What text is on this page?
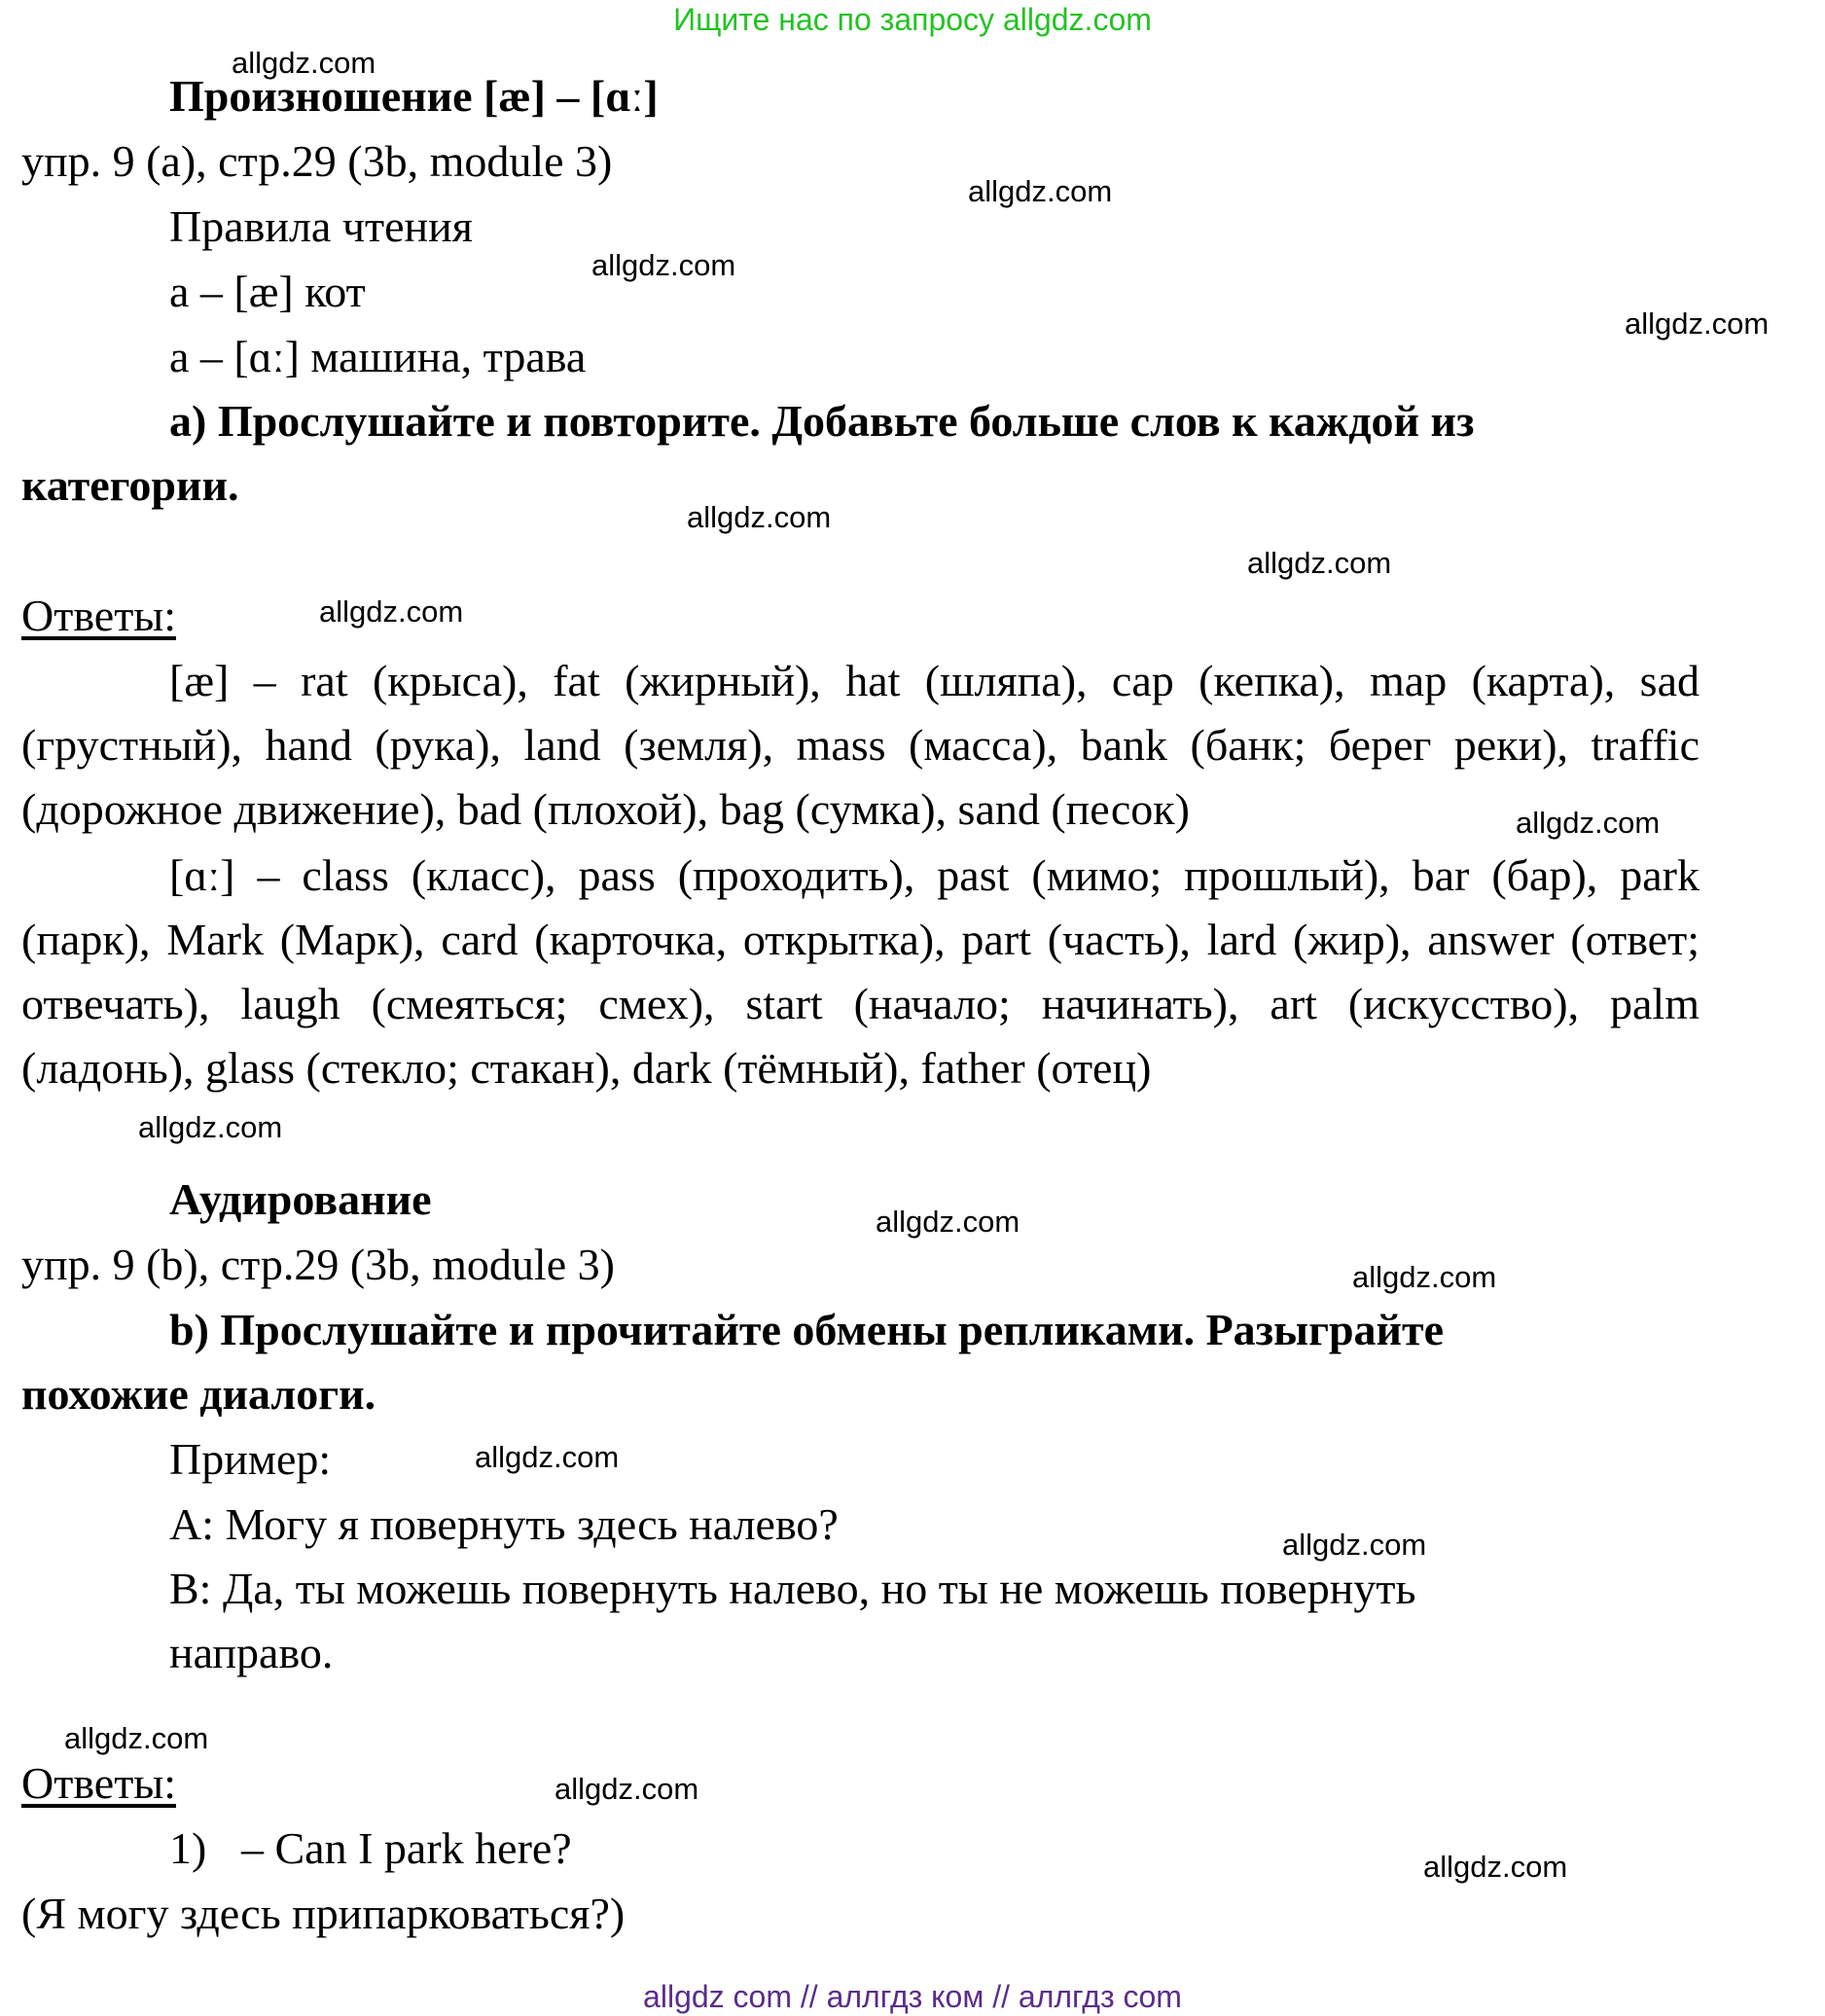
Ищите нас по запросу allgdz.com
Произношение [æ] – [ɑː]
упр. 9 (a), стр.29 (3b, module 3)
Правила чтения
a – [æ] кот
a – [ɑː] машина, трава

а) Прослушайте и повторите. Добавьте больше слов к каждой из категории.

Ответы:

[æ] – rat (крыса), fat (жирный), hat (шляпа), cap (кепка), map (карта), sad (грустный), hand (рука), land (земля), mass (масса), bank (банк; берег реки), traffic (дорожное движение), bad (плохой), bag (сумка), sand (песок)

[ɑː] – class (класс), pass (проходить), past (мимо; прошлый), bar (бар), park (парк), Mark (Марк), card (карточка, открытка), part (часть), lard (жир), answer (ответ; отвечать), laugh (смеяться; смех), start (начало; начинать), art (искусство), palm (ладонь), glass (стекло; стакан), dark (тёмный), father (отец)

Аудирование
упр. 9 (b), стр.29 (3b, module 3)

b) Прослушайте и прочитайте обмены репликами. Разыграйте похожие диалоги.

Пример:
A: Могу я повернуть здесь налево?

B: Да, ты можешь повернуть налево, но ты не можешь повернуть направо.

Ответы:
1) – Can I park here?
(Я могу здесь припарковаться?)
allgdz.com
allgdz.com
allgdz.com
allgdz.com
allgdz.com
allgdz.com
allgdz.com
allgdz.com
allgdz.com
allgdz.com
allgdz.com
allgdz.com
allgdz.com
allgdz.com
allgdz.com
allgdz.com
allgdz com // аллгдз ком // аллгдз com
